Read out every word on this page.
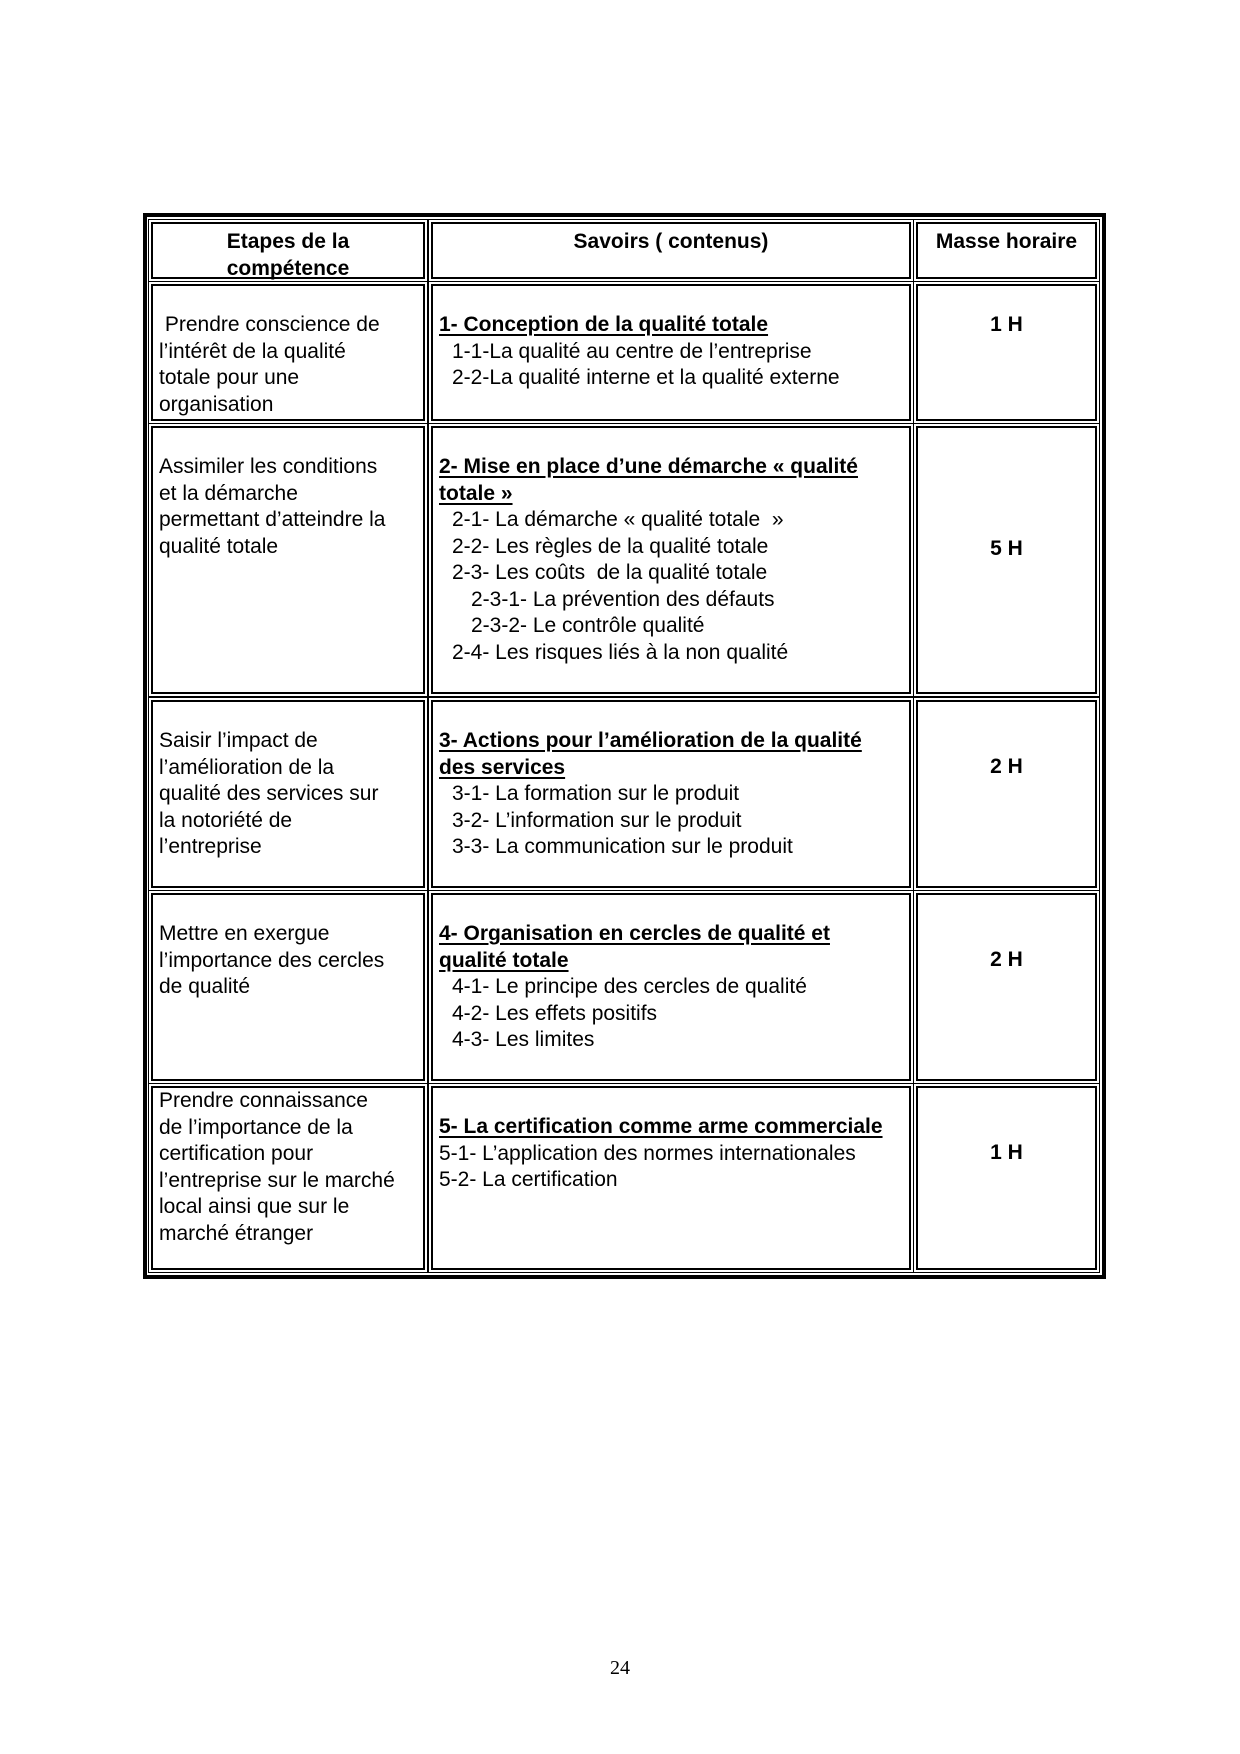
Etapes de la
compétence
Savoirs ( contenus)	Masse horaire
Prendre conscience de
l’intérêt de la qualité
totale pour une
organisation
1- Conception de la qualité totale
1-1-La qualité au centre de l’entreprise
2-2-La qualité interne et la qualité externe
1 H
Assimiler les conditions
et la démarche
permettant d’atteindre la
qualité totale
2- Mise en place d’une démarche « qualité totale »
2-1- La démarche « qualité totale  »
2-2- Les règles de la qualité totale
2-3- Les coûts  de la qualité totale
2-3-1- La prévention des défauts
2-3-2- Le contrôle qualité
2-4- Les risques liés à la non qualité
5 H
Saisir l’impact de
l’amélioration de la
qualité des services sur
la notoriété de
l’entreprise
3- Actions pour l’amélioration de la qualité des services
3-1- La formation sur le produit
3-2- L’information sur le produit
3-3- La communication sur le produit
2 H
Mettre en exergue
l’importance des cercles
de qualité
4- Organisation en cercles de qualité et qualité totale
4-1- Le principe des cercles de qualité
4-2- Les effets positifs
4-3- Les limites
2 H
Prendre connaissance
de l’importance de la
certification pour
l’entreprise sur le marché
local ainsi que sur le
marché étranger
5- La certification comme arme commerciale
5-1- L’application des normes internationales
5-2- La certification
1 H
24
